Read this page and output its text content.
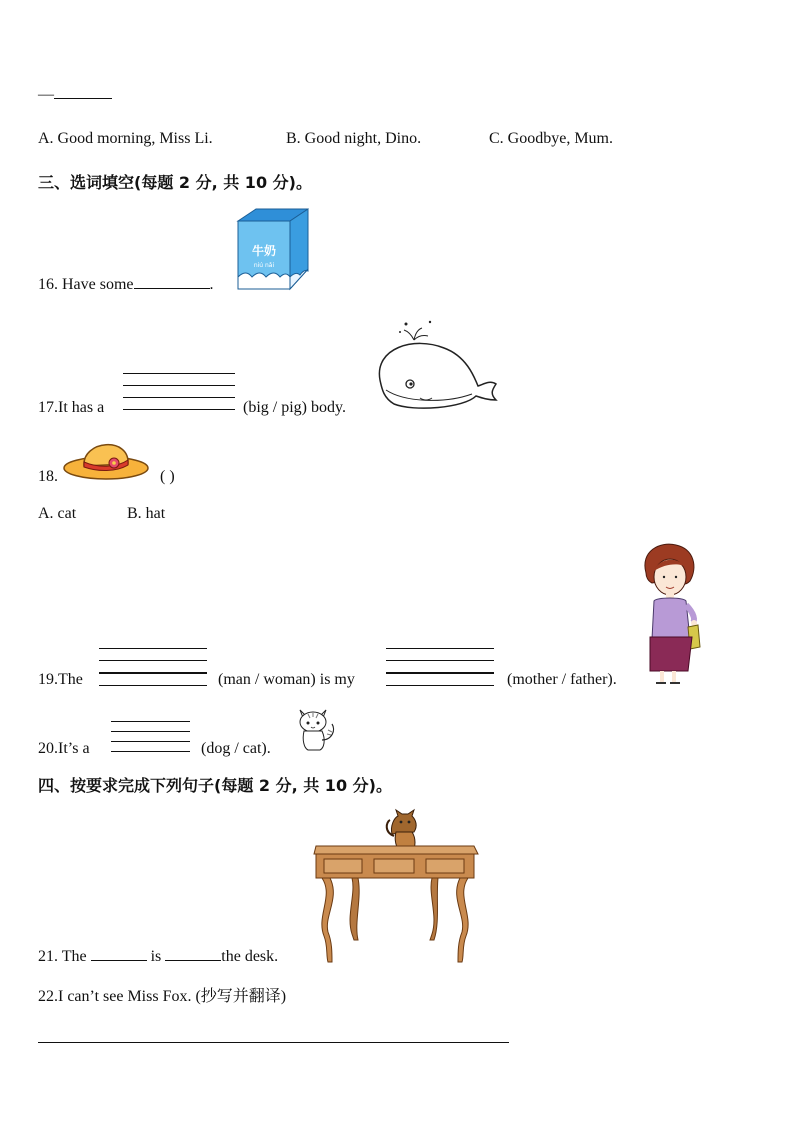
—
A. Good morning, Miss Li.	B. Good night, Dino.	C. Goodbye, Mum.
三、选词填空(每题 2 分, 共 10 分)。
16. Have some	.
牛奶
niú nǎi
17.It has a	(big / pig) body.
18.	( )
A. cat	B. hat
19.The	(man / woman) is my	(mother / father).
20.It’s a	(dog / cat).
四、按要求完成下列句子(每题 2 分, 共 10 分)。
21. The	is	the desk.
22.I can’t see Miss Fox. (抄写并翻译)
